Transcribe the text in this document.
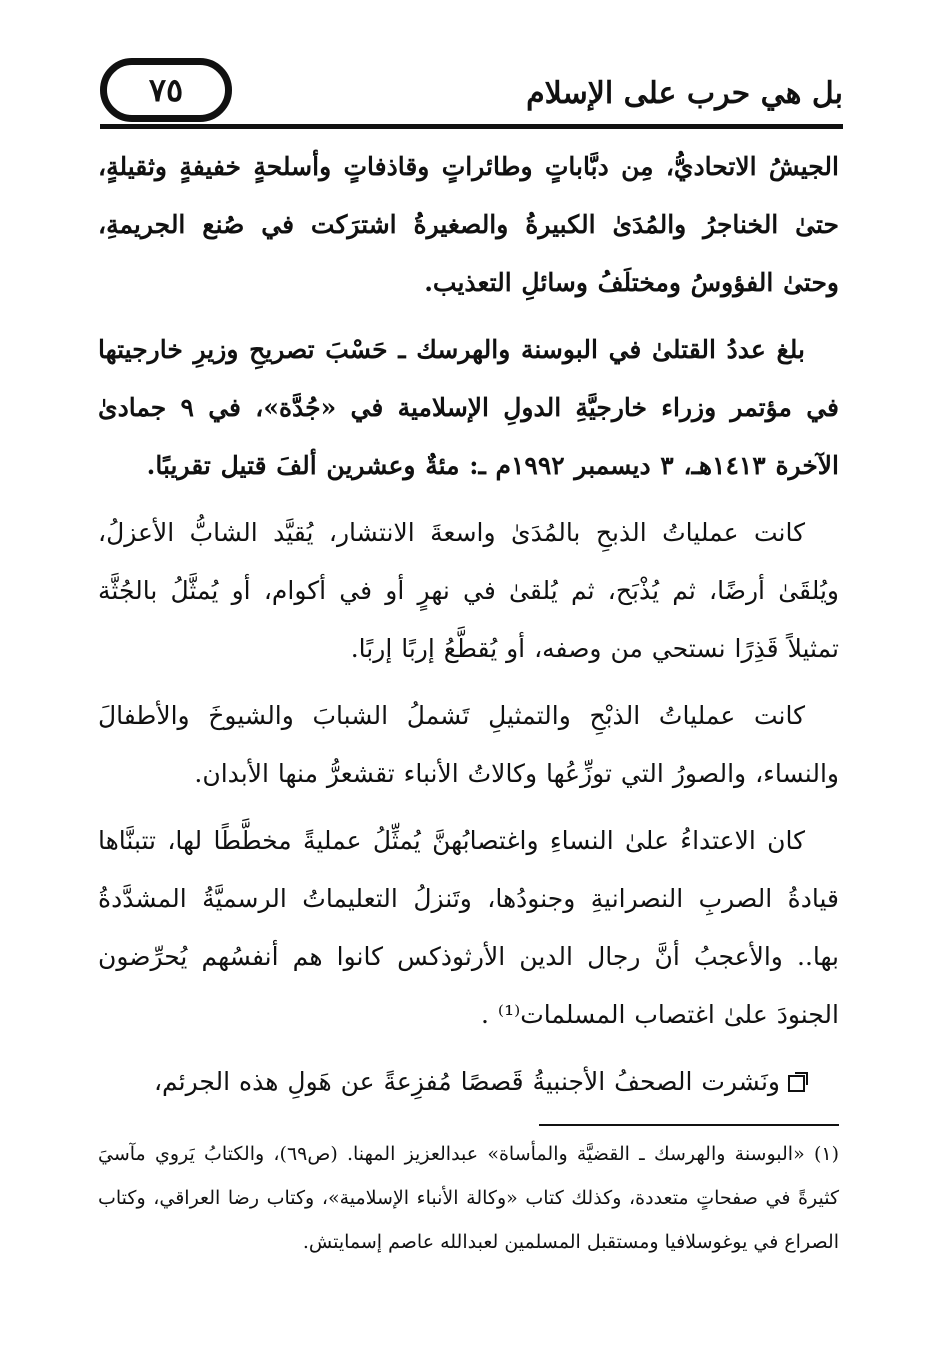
بل هي حرب على الإسلام
٧٥

الجيشُ الاتحاديُّ، مِن دبَّاباتٍ وطائراتٍ وقاذفاتٍ وأسلحةٍ خفيفةٍ وثقيلةٍ، حتىٰ الخناجرُ والمُدَىٰ الكبيرةُ والصغيرةُ اشترَكت في صُنع الجريمةِ، وحتىٰ الفؤوسُ ومختلَفُ وسائلِ التعذيب.

بلغ عددُ القتلىٰ في البوسنة والهرسك ـ حَسْبَ تصريحِ وزيرِ خارجيتها في مؤتمر وزراء خارجيَّةِ الدولِ الإسلامية في «جُدَّة»، في ٩ جمادىٰ الآخرة ١٤١٣هـ، ٣ ديسمبر ١٩٩٢م ـ: مئةٌ وعشرين ألفَ قتيل تقريبًا.

كانت عملياتُ الذبحِ بالمُدَىٰ واسعةَ الانتشار، يُقيَّد الشابُّ الأعزلُ، ويُلقَىٰ أرضًا، ثم يُذْبَح، ثم يُلقىٰ في نهرٍ أو في أكوام، أو يُمثَّلُ بالجُثَّة تمثيلاً قَذِرًا نستحي من وصفه، أو يُقطَّعُ إربًا إربًا.

كانت عملياتُ الذبْحِ والتمثيلِ تَشملُ الشبابَ والشيوخَ والأطفالَ والنساء، والصورُ التي توزِّعُها وكالاتُ الأنباء تقشعرُّ منها الأبدان.

كان الاعتداءُ علىٰ النساءِ واغتصابُهنَّ يُمثِّلُ عمليةً مخطَّطًا لها، تتبنَّاها قيادةُ الصربِ النصرانيةِ وجنودُها، وتَنزلُ التعليماتُ الرسميَّةُ المشدَّدةُ بها.. والأعجبُ أنَّ رجال الدين الأرثوذكس كانوا هم أنفسُهم يُحرِّضون الجنودَ علىٰ اغتصاب المسلمات⁽¹⁾ .

ونَشرت الصحفُ الأجنبيةُ قَصصًا مُفزِعةً عن هَولِ هذه الجرئم،

(١) «البوسنة والهرسك ـ القضيَّة والمأساة» عبدالعزيز المهنا. (ص٦٩)، والكتابُ يَروي مآسيَ كثيرةً في صفحاتٍ متعددة، وكذلك كتاب «وكالة الأنباء الإسلامية»، وكتاب رضا العراقي، وكتاب الصراع في يوغوسلافيا ومستقبل المسلمين لعبدالله عاصم إسمايتش.
